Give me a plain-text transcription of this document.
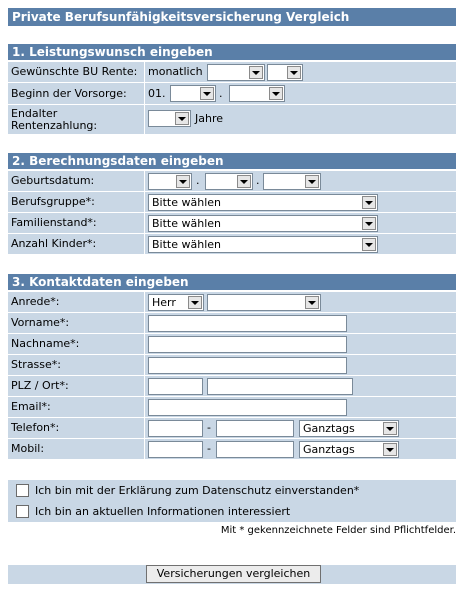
Private Berufsunfähigkeitsversicherung Vergleich
1. Leistungswunsch eingeben
Gewünschte BU Rente: monatlich
Beginn der Vorsorge:	01.	.
Endalter Rentenzahlung:	Jahre
2. Berechnungsdaten eingeben
Geburtsdatum:	.	.
Berufsgruppe*:	Bitte wählen
Familienstand*:	Bitte wählen
Anzahl Kinder*:	Bitte wählen
3. Kontaktdaten eingeben
Anrede*:	Herr
Vorname*:
Nachname*:
Strasse*:
PLZ / Ort*:
Email*:
Telefon*:	-	Ganztags
Mobil:	-	Ganztags
Ich bin mit der Erklärung zum Datenschutz einverstanden*
Ich bin an aktuellen Informationen interessiert
Mit * gekennzeichnete Felder sind Pflichtfelder.
Versicherungen vergleichen
